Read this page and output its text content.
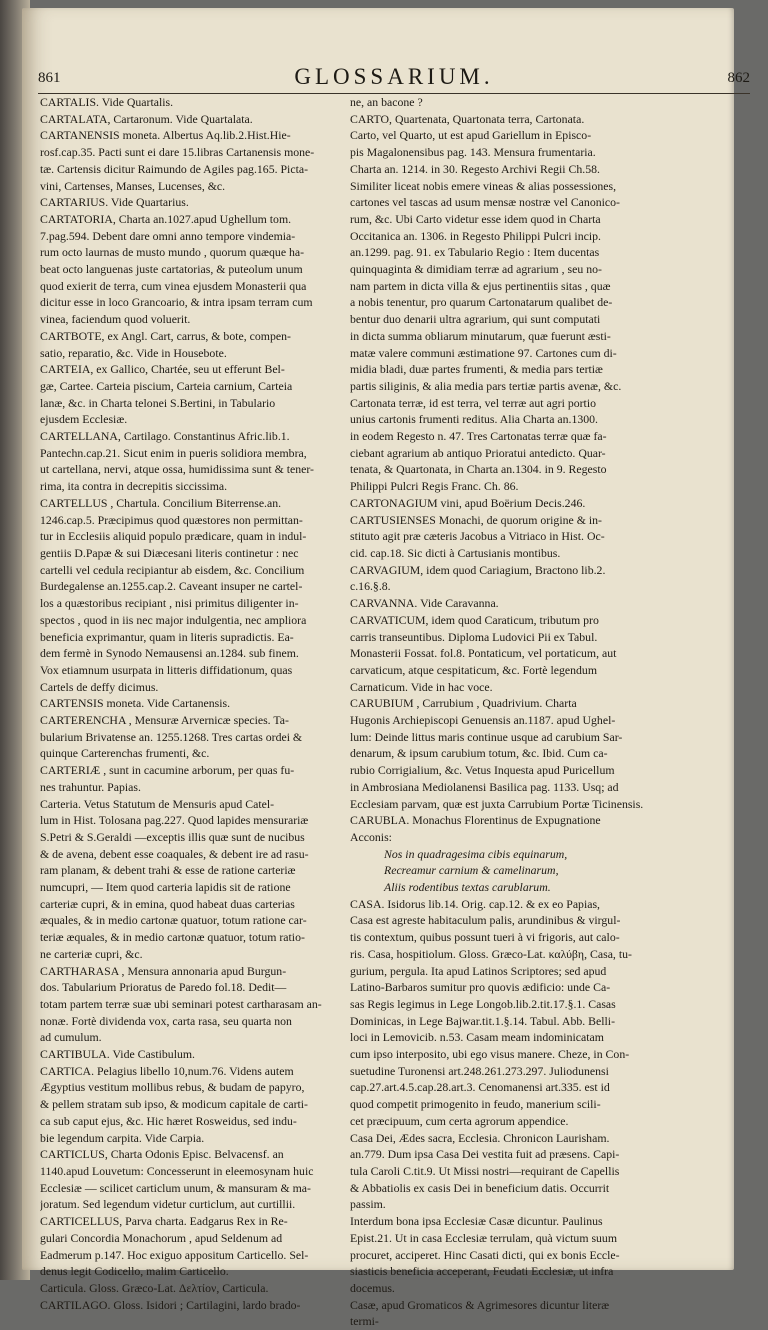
861	GLOSSARIUM.	862

CARTALIS. Vide Quartalis.

CARTALATA, Cartaronum. Vide Quartalata.

CARTANENSIS moneta. Albertus Aq.lib.2.Hist.Hie-

rosf.cap.35. Pacti sunt ei dare 15.libras Cartanensis mone-

tæ. Cartensis dicitur Raimundo de Agiles pag.165. Picta-

vini, Cartenses, Manses, Lucenses, &c.

CARTARIUS. Vide Quartarius.

CARTATORIA, Charta an.1027.apud Ughellum tom.

7.pag.594. Debent dare omni anno tempore vindemia-

rum octo laurnas de musto mundo , quorum quæque ha-

beat octo languenas juste cartatorias, & puteolum unum

quod exierit de terra, cum vinea ejusdem Monasterii qua

dicitur esse in loco Grancoario, & intra ipsam terram cum

vinea, faciendum quod voluerit.

CARTBOTE, ex Angl. Cart, carrus, & bote, compen-

satio, reparatio, &c. Vide in Housebote.

CARTEIA, ex Gallico, Chartée, seu ut efferunt Bel-

gæ, Cartee. Carteia piscium, Carteia carnium, Carteia

lanæ, &c. in Charta telonei S.Bertini, in Tabulario

ejusdem Ecclesiæ.

CARTELLANA, Cartilago. Constantinus Afric.lib.1.

Pantechn.cap.21. Sicut enim in pueris solidiora membra,

ut cartellana, nervi, atque ossa, humidissima sunt & tener-

rima, ita contra in decrepitis siccissima.

CARTELLUS , Chartula. Concilium Biterrense.an.

1246.cap.5. Præcipimus quod quæstores non permittan-

tur in Ecclesiis aliquid populo prædicare, quam in indul-

gentiis D.Papæ & sui Diæcesani literis continetur : nec

cartelli vel cedula recipiantur ab eisdem, &c. Concilium

Burdegalense an.1255.cap.2. Caveant insuper ne cartel-

los a quæstoribus recipiant , nisi primitus diligenter in-

spectos , quod in iis nec major indulgentia, nec ampliora

beneficia exprimantur, quam in literis supradictis. Ea-

dem fermè in Synodo Nemausensi an.1284. sub finem.

Vox etiamnum usurpata in litteris diffidationum, quas

Cartels de deffy dicimus.

CARTENSIS moneta. Vide Cartanensis.

CARTERENCHA , Mensuræ Arvernicæ species. Ta-

bularium Brivatense an. 1255.1268. Tres cartas ordei &

quinque Carterenchas frumenti, &c.

CARTERIÆ , sunt in cacumine arborum, per quas fu-

nes trahuntur. Papias.

Carteria. Vetus Statutum de Mensuris apud Catel-

lum in Hist. Tolosana pag.227. Quod lapides mensurariæ

S.Petri & S.Geraldi —exceptis illis quæ sunt de nucibus

& de avena, debent esse coaquales, & debent ire ad rasu-

ram planam, & debent trahi & esse de ratione carteriæ

numcupri, — Item quod carteria lapidis sit de ratione

carteriæ cupri, & in emina, quod habeat duas carterias

æquales, & in medio cartonæ quatuor, totum ratione car-

teriæ æquales, & in medio cartonæ quatuor, totum ratio-

ne carteriæ cupri, &c.

CARTHARASA , Mensura annonaria apud Burgun-

dos. Tabularium Prioratus de Paredo fol.18. Dedit—

totam partem terræ suæ ubi seminari potest cartharasam an-

nonæ. Fortè dividenda vox, carta rasa, seu quarta non

ad cumulum.

CARTIBULA. Vide Castibulum.

CARTICA. Pelagius libello 10,num.76. Videns autem

Ægyptius vestitum mollibus rebus, & budam de papyro,

& pellem stratam sub ipso, & modicum capitale de carti-

ca sub caput ejus, &c. Hic hæret Rosweidus, sed indu-

bie legendum carpita. Vide Carpia.

CARTICLUS, Charta Odonis Episc. Belvacensf. an

1140.apud Louvetum: Concesserunt in eleemosynam huic

Ecclesiæ — scilicet carticlum unum, & mansuram & ma-

joratum. Sed legendum videtur curticlum, aut curtillii.

CARTICELLUS, Parva charta. Eadgarus Rex in Re-

gulari Concordia Monachorum , apud Seldenum ad

Eadmerum p.147. Hoc exiguo appositum Carticello. Sel-

denus legit Codicello, malim Carticello.

Carticula. Gloss. Græco-Lat. Δελτίον, Carticula.

CARTILAGO. Gloss. Isidori ; Cartilagini, lardo brado-

ne, an bacone ?

CARTO, Quartenata, Quartonata terra, Cartonata.

Carto, vel Quarto, ut est apud Gariellum in Episco-

pis Magalonensibus pag. 143. Mensura frumentaria.

Charta an. 1214. in 30. Regesto Archivi Regii Ch.58.

Similiter liceat nobis emere vineas & alias possessiones,

cartones vel tascas ad usum mensæ nostræ vel Canonico-

rum, &c. Ubi Carto videtur esse idem quod in Charta

Occitanica an. 1306. in Regesto Philippi Pulcri incip.

an.1299. pag. 91. ex Tabulario Regio : Item ducentas

quinquaginta & dimidiam terræ ad agrarium , seu no-

nam partem in dicta villa & ejus pertinentiis sitas , quæ

a nobis tenentur, pro quarum Cartonatarum qualibet de-

bentur duo denarii ultra agrarium, qui sunt computati

in dicta summa obliarum minutarum, quæ fuerunt æsti-

matæ valere communi æstimatione 97. Cartones cum di-

midia bladi, duæ partes frumenti, & media pars tertiæ

partis siliginis, & alia media pars tertiæ partis avenæ, &c.

Cartonata terræ, id est terra, vel terræ aut agri portio

unius cartonis frumenti reditus. Alia Charta an.1300.

in eodem Regesto n. 47. Tres Cartonatas terræ quæ fa-

ciebant agrarium ab antiquo Prioratui antedicto. Quar-

tenata, & Quartonata, in Charta an.1304. in 9. Regesto

Philippi Pulcri Regis Franc. Ch. 86.

CARTONAGIUM vini, apud Boërium Decis.246.

CARTUSIENSES Monachi, de quorum origine & in-

stituto agit præ cæteris Jacobus a Vitriaco in Hist. Oc-

cid. cap.18. Sic dicti à Cartusianis montibus.

CARVAGIUM, idem quod Cariagium, Bractono lib.2.

c.16.§.8.

CARVANNA. Vide Caravanna.

CARVATICUM, idem quod Caraticum, tributum pro

carris transeuntibus. Diploma Ludovici Pii ex Tabul.

Monasterii Fossat. fol.8. Pontaticum, vel portaticum, aut

carvaticum, atque cespitaticum, &c. Fortè legendum

Carnaticum. Vide in hac voce.

CARUBIUM , Carrubium , Quadrivium. Charta

Hugonis Archiepiscopi Genuensis an.1187. apud Ughel-

lum: Deinde littus maris continue usque ad carubium Sar-

denarum, & ipsum carubium totum, &c. Ibid. Cum ca-

rubio Corrigialium, &c. Vetus Inquesta apud Puricellum

in Ambrosiana Mediolanensi Basilica pag. 1133. Usq; ad

Ecclesiam parvam, quæ est juxta Carrubium Portæ Ticinensis.

CARUBLA. Monachus Florentinus de Expugnatione

Acconis:

Nos in quadragesima cibis equinarum,

Recreamur carnium & camelinarum,

Aliis rodentibus textas carublarum.

CASA. Isidorus lib.14. Orig. cap.12. & ex eo Papias,

Casa est agreste habitaculum palis, arundinibus & virgul-

tis contextum, quibus possunt tueri à vi frigoris, aut calo-

ris. Casa, hospitiolum. Gloss. Græco-Lat. καλύβη, Casa, tu-

gurium, pergula. Ita apud Latinos Scriptores; sed apud

Latino-Barbaros sumitur pro quovis ædificio: unde Ca-

sas Regis legimus in Lege Longob.lib.2.tit.17.§.1. Casas

Dominicas, in Lege Bajwar.tit.1.§.14. Tabul. Abb. Belli-

loci in Lemovicib. n.53. Casam meam indominicatam

cum ipso interposito, ubi ego visus manere. Cheze, in Con-

suetudine Turonensi art.248.261.273.297. Juliodunensi

cap.27.art.4.5.cap.28.art.3. Cenomanensi art.335. est id

quod competit primogenito in feudo, manerium scili-

cet præcipuum, cum certa agrorum appendice.

Casa Dei, Ædes sacra, Ecclesia. Chronicon Laurisham.

an.779. Dum ipsa Casa Dei vestita fuit ad præsens. Capi-

tula Caroli C.tit.9. Ut Missi nostri—requirant de Capellis

& Abbatiolis ex casis Dei in beneficium datis. Occurrit

passim.

Interdum bona ipsa Ecclesiæ Casæ dicuntur. Paulinus

Epist.21. Ut in casa Ecclesiæ terrulam, quà victum suum

procuret, acciperet. Hinc Casati dicti, qui ex bonis Eccle-

siasticis beneficia acceperant, Feudati Ecclesiæ, ut infra

docemus.

Casæ, apud Gromaticos & Agrimesores dicuntur literæ

termi-
